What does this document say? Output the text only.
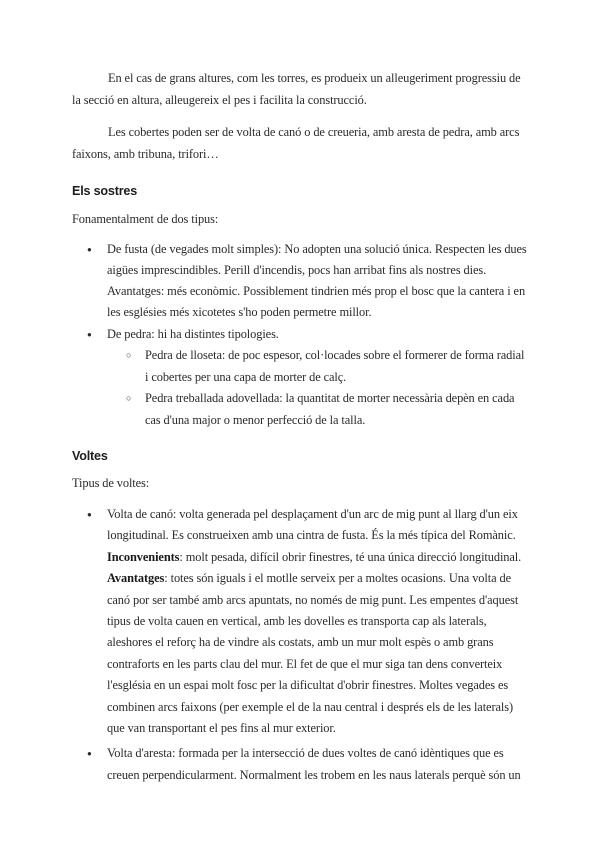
En el cas de grans altures, com les torres, es produeix un alleugeriment progressiu de la secció en altura, alleugereix el pes i facilita la construcció.

Les cobertes poden ser de volta de canó o de creueria, amb aresta de pedra, amb arcs faixons, amb tribuna, trifori…

Els sostres

Fonamentalment de dos tipus:

● De fusta (de vegades molt simples): No adopten una solució única. Respecten les dues aigües imprescindibles. Perill d'incendis, pocs han arribat fins als nostres dies. Avantatges: més econòmic. Possiblement tindrien més prop el bosc que la cantera i en les esglésies més xicotetes s'ho poden permetre millor.
● De pedra: hi ha distintes tipologies.
○ Pedra de lloseta: de poc espesor, col·locades sobre el formerer de forma radial i cobertes per una capa de morter de calç.
○ Pedra treballada adovellada: la quantitat de morter necessària depèn en cada cas d'una major o menor perfecció de la talla.
Voltes

Tipus de voltes:

● Volta de canó: volta generada pel desplaçament d'un arc de mig punt al llarg d'un eix longitudinal. Es construeixen amb una cintra de fusta. És la més típica del Romànic. Inconvenients: molt pesada, difícil obrir finestres, té una única direcció longitudinal. Avantatges: totes són iguals i el motlle serveix per a moltes ocasions. Una volta de canó por ser també amb arcs apuntats, no només de mig punt. Les empentes d'aquest tipus de volta cauen en vertical, amb les dovelles es transporta cap als laterals, aleshores el reforç ha de vindre als costats, amb un mur molt espès o amb grans contraforts en les parts clau del mur. El fet de que el mur siga tan dens converteix l'església en un espai molt fosc per la dificultat d'obrir finestres. Moltes vegades es combinen arcs faixons (per exemple el de la nau central i després els de les laterals) que van transportant el pes fins al mur exterior.
● Volta d'aresta: formada per la intersecció de dues voltes de canó idèntiques que es creuen perpendicularment. Normalment les trobem en les naus laterals perquè són un
